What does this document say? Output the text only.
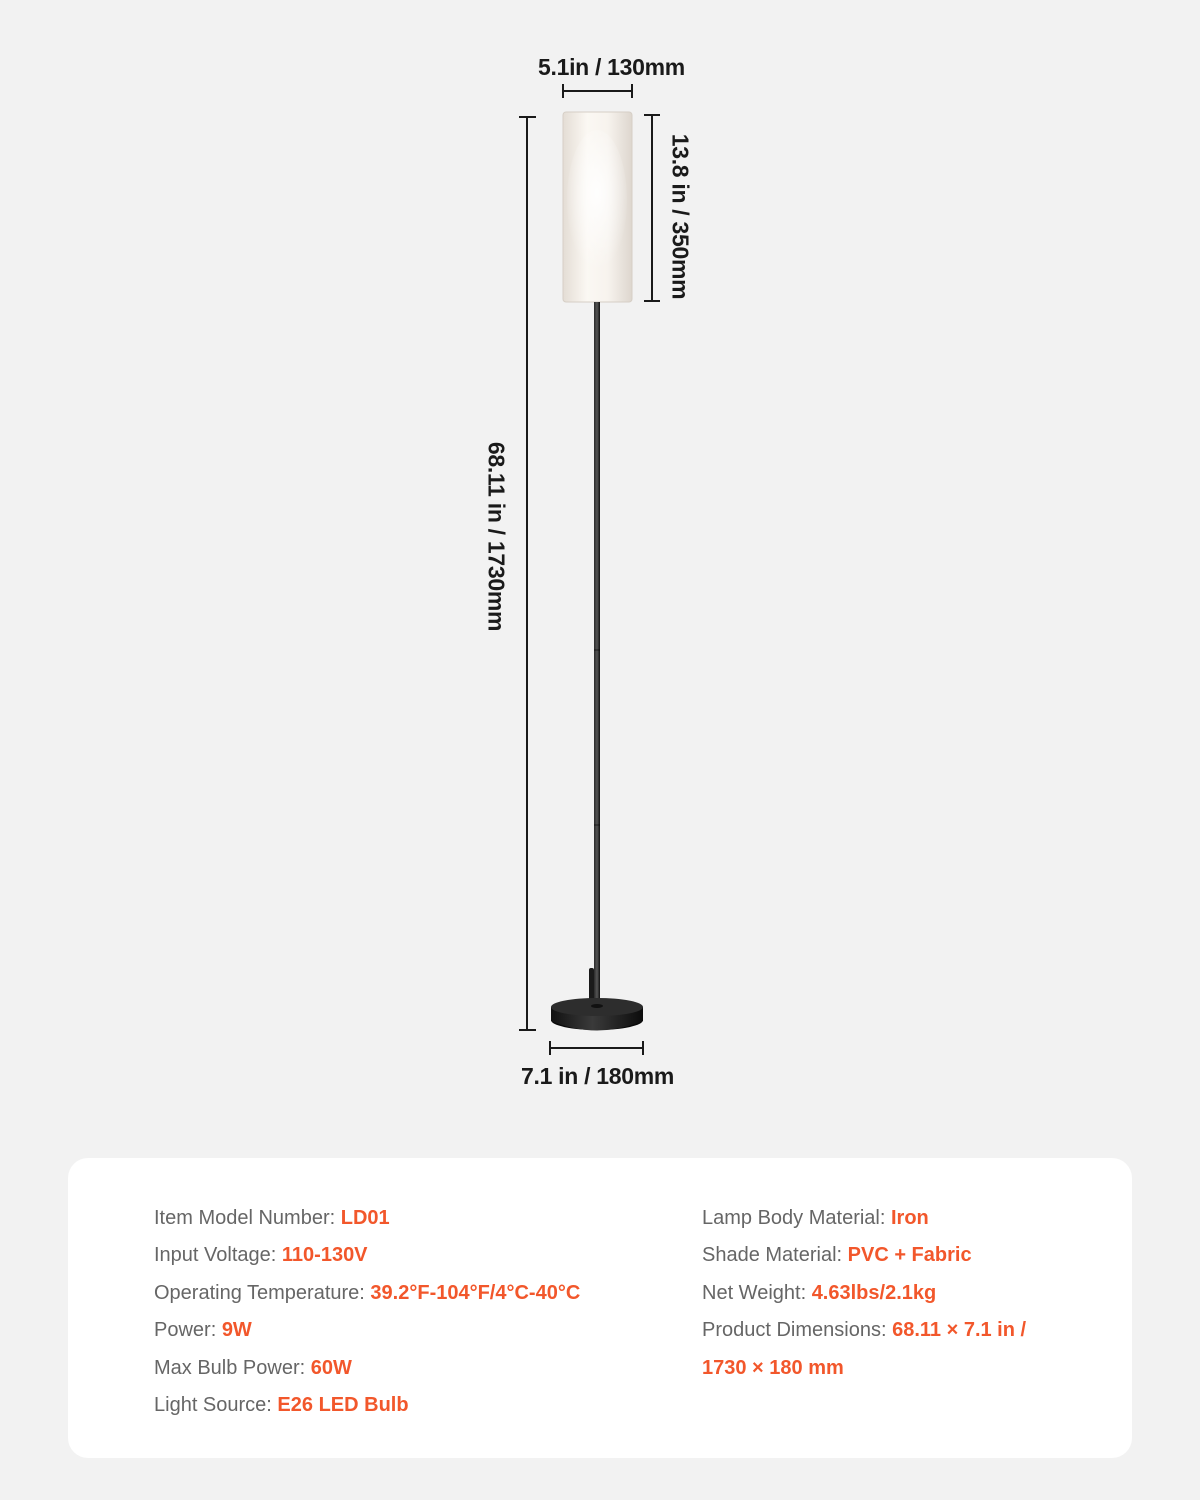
5.1in / 130mm
13.8 in / 350mm
68.11 in / 1730mm
7.1 in / 180mm
Item Model Number: LD01
Input Voltage: 110-130V
Operating Temperature: 39.2°F-104°F/4°C-40°C
Power: 9W
Max Bulb Power: 60W
Light Source: E26 LED Bulb
Lamp Body Material: Iron
Shade Material: PVC + Fabric
Net Weight: 4.63lbs/2.1kg
Product Dimensions: 68.11 × 7.1 in /
1730 × 180 mm
